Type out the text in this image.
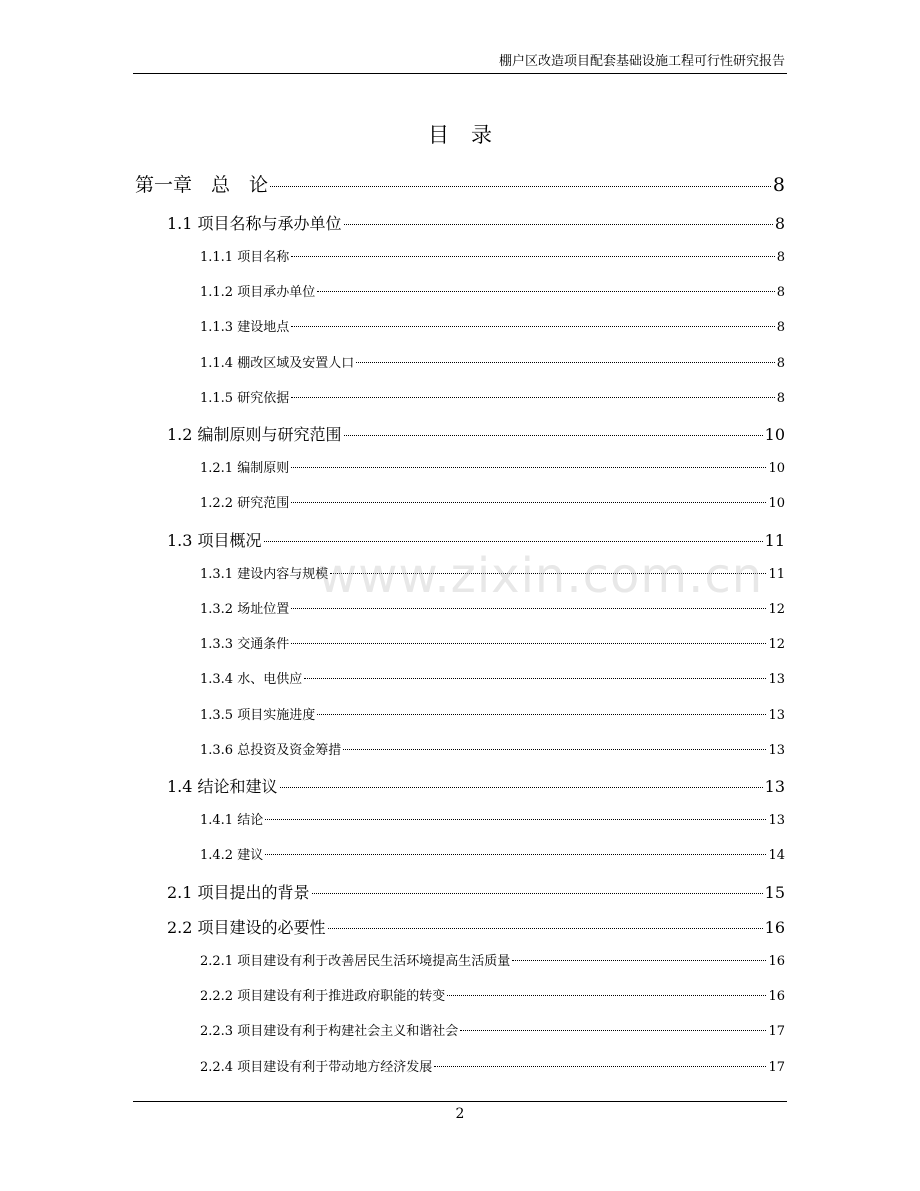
棚户区改造项目配套基础设施工程可行性研究报告
目录
第一章　总　论	8
1.1 项目名称与承办单位	8
1.1.1 项目名称	8
1.1.2 项目承办单位	8
1.1.3 建设地点	8
1.1.4 棚改区域及安置人口	8
1.1.5 研究依据	8
1.2 编制原则与研究范围	10
1.2.1 编制原则	10
1.2.2 研究范围	10
1.3 项目概况	11
1.3.1 建设内容与规模	11
1.3.2 场址位置	12
1.3.3 交通条件	12
1.3.4 水、电供应	13
1.3.5 项目实施进度	13
1.3.6 总投资及资金筹措	13
1.4 结论和建议	13
1.4.1 结论	13
1.4.2 建议	14
2.1 项目提出的背景	15
2.2 项目建设的必要性	16
2.2.1 项目建设有利于改善居民生活环境提高生活质量	16
2.2.2 项目建设有利于推进政府职能的转变	16
2.2.3 项目建设有利于构建社会主义和谐社会	17
2.2.4 项目建设有利于带动地方经济发展	17
www.zixin.com.cn
2
